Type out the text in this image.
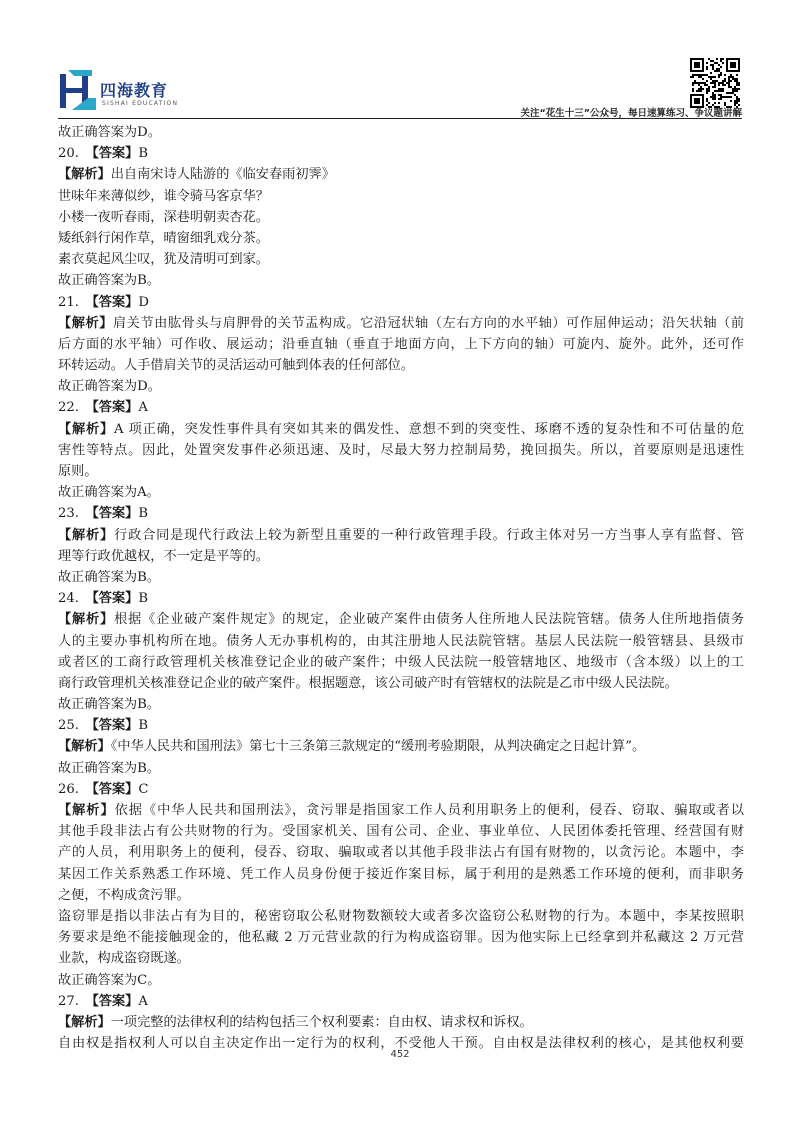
四海教育
SISHAI EDUCATION
关注“花生十三”公众号，每日速算练习、争议题讲解
故正确答案为D。
20.  【答案】B
【解析】出自南宋诗人陆游的《临安春雨初霁》
世味年来薄似纱，谁令骑马客京华？
小楼一夜听春雨，深巷明朝卖杏花。
矮纸斜行闲作草，晴窗细乳戏分茶。
素衣莫起风尘叹，犹及清明可到家。
故正确答案为B。
21.  【答案】D
【解析】肩关节由肱骨头与肩胛骨的关节盂构成。它沿冠状轴（左右方向的水平轴）可作屈伸运动；沿矢状轴（前
后方面的水平轴）可作收、展运动；沿垂直轴（垂直于地面方向，上下方向的轴）可旋内、旋外。此外，还可作
环转运动。人手借肩关节的灵活运动可触到体表的任何部位。
故正确答案为D。
22.  【答案】A
【解析】A 项正确，突发性事件具有突如其来的偶发性、意想不到的突变性、琢磨不透的复杂性和不可估量的危
害性等特点。因此，处置突发事件必须迅速、及时，尽最大努力控制局势，挽回损失。所以，首要原则是迅速性
原则。
故正确答案为A。
23.  【答案】B
【解析】行政合同是现代行政法上较为新型且重要的一种行政管理手段。行政主体对另一方当事人享有监督、管
理等行政优越权，不一定是平等的。
故正确答案为B。
24.  【答案】B
【解析】根据《企业破产案件规定》的规定，企业破产案件由债务人住所地人民法院管辖。债务人住所地指债务
人的主要办事机构所在地。债务人无办事机构的，由其注册地人民法院管辖。基层人民法院一般管辖县、县级市
或者区的工商行政管理机关核准登记企业的破产案件；中级人民法院一般管辖地区、地级市（含本级）以上的工
商行政管理机关核准登记企业的破产案件。根据题意，该公司破产时有管辖权的法院是乙市中级人民法院。
故正确答案为B。
25.  【答案】B
【解析】《中华人民共和国刑法》第七十三条第三款规定的“缓刑考验期限，从判决确定之日起计算”。
故正确答案为B。
26.  【答案】C
【解析】依据《中华人民共和国刑法》，贪污罪是指国家工作人员利用职务上的便利，侵吞、窃取、骗取或者以
其他手段非法占有公共财物的行为。受国家机关、国有公司、企业、事业单位、人民团体委托管理、经营国有财
产的人员，利用职务上的便利，侵吞、窃取、骗取或者以其他手段非法占有国有财物的，以贪污论。本题中，李
某因工作关系熟悉工作环境、凭工作人员身份便于接近作案目标，属于利用的是熟悉工作环境的便利，而非职务
之便，不构成贪污罪。
盗窃罪是指以非法占有为目的，秘密窃取公私财物数额较大或者多次盗窃公私财物的行为。本题中，李某按照职
务要求是绝不能接触现金的，他私藏 2 万元营业款的行为构成盗窃罪。因为他实际上已经拿到并私藏这 2 万元营
业款，构成盗窃既遂。
故正确答案为C。
27.  【答案】A
【解析】一项完整的法律权利的结构包括三个权利要素：自由权、请求权和诉权。
自由权是指权利人可以自主决定作出一定行为的权利，不受他人干预。自由权是法律权利的核心，是其他权利要
452
